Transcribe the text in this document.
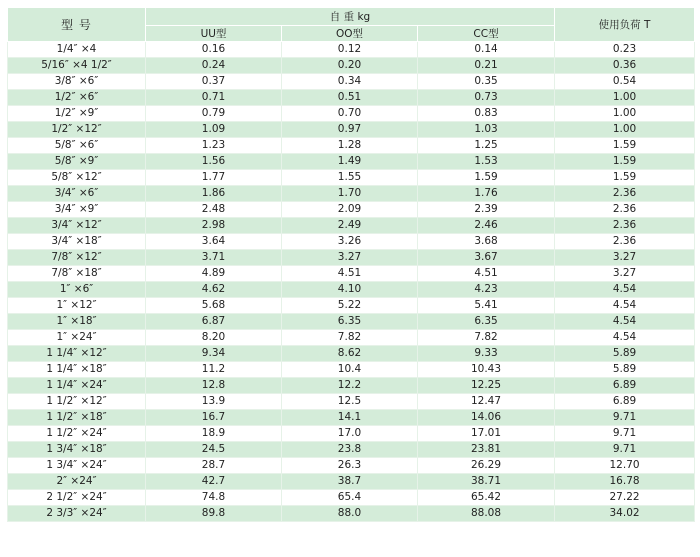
型 号	自 重 kg			使用负荷 T
	UU型	OO型	CC型	
1/4″ ×4	0.16	0.12	0.14	0.23
5/16″ ×4 1/2″	0.24	0.20	0.21	0.36
3/8″ ×6″	0.37	0.34	0.35	0.54
1/2″ ×6″	0.71	0.51	0.73	1.00
1/2″ ×9″	0.79	0.70	0.83	1.00
1/2″ ×12″	1.09	0.97	1.03	1.00
5/8″ ×6″	1.23	1.28	1.25	1.59
5/8″ ×9″	1.56	1.49	1.53	1.59
5/8″ ×12″	1.77	1.55	1.59	1.59
3/4″ ×6″	1.86	1.70	1.76	2.36
3/4″ ×9″	2.48	2.09	2.39	2.36
3/4″ ×12″	2.98	2.49	2.46	2.36
3/4″ ×18″	3.64	3.26	3.68	2.36
7/8″ ×12″	3.71	3.27	3.67	3.27
7/8″ ×18″	4.89	4.51	4.51	3.27
1″ ×6″	4.62	4.10	4.23	4.54
1″ ×12″	5.68	5.22	5.41	4.54
1″ ×18″	6.87	6.35	6.35	4.54
1″ ×24″	8.20	7.82	7.82	4.54
1 1/4″ ×12″	9.34	8.62	9.33	5.89
1 1/4″ ×18″	11.2	10.4	10.43	5.89
1 1/4″ ×24″	12.8	12.2	12.25	6.89
1 1/2″ ×12″	13.9	12.5	12.47	6.89
1 1/2″ ×18″	16.7	14.1	14.06	9.71
1 1/2″ ×24″	18.9	17.0	17.01	9.71
1 3/4″ ×18″	24.5	23.8	23.81	9.71
1 3/4″ ×24″	28.7	26.3	26.29	12.70
2″ ×24″	42.7	38.7	38.71	16.78
2 1/2″ ×24″	74.8	65.4	65.42	27.22
2 3/3″ ×24″	89.8	88.0	88.08	34.02
